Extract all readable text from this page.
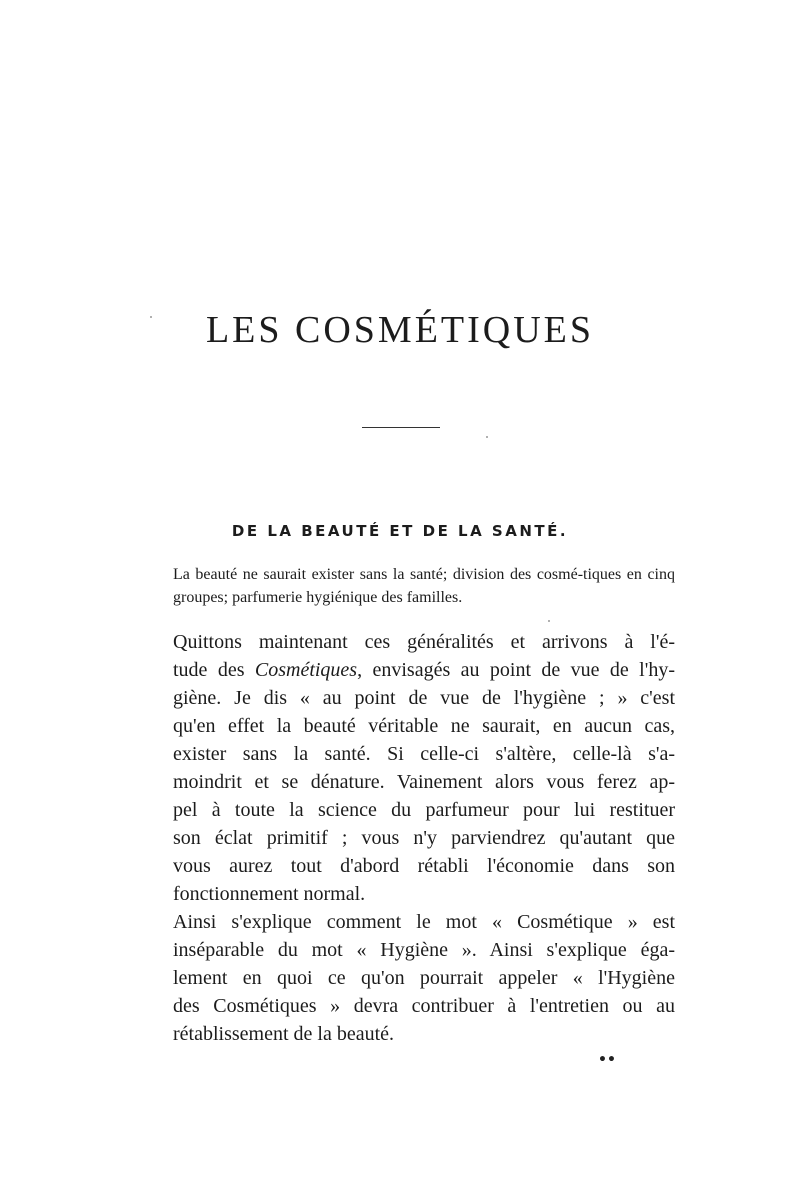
LES COSMÉTIQUES
DE LA BEAUTÉ ET DE LA SANTÉ.

La beauté ne saurait exister sans la santé; division des cosmé-tiques en cinq groupes; parfumerie hygiénique des familles.

Quittons maintenant ces généralités et arrivons à l'é-
tude des Cosmétiques, envisagés au point de vue de l'hy-
giène. Je dis « au point de vue de l'hygiène ; » c'est
qu'en effet la beauté véritable ne saurait, en aucun cas,
exister sans la santé. Si celle-ci s'altère, celle-là s'a-
moindrit et se dénature. Vainement alors vous ferez ap-
pel à toute la science du parfumeur pour lui restituer
son éclat primitif ; vous n'y parviendrez qu'autant que
vous aurez tout d'abord rétabli l'économie dans son
fonctionnement normal.
Ainsi s'explique comment le mot « Cosmétique » est
inséparable du mot « Hygiène ». Ainsi s'explique éga-
lement en quoi ce qu'on pourrait appeler « l'Hygiène
des Cosmétiques » devra contribuer à l'entretien ou au
rétablissement de la beauté.
••
